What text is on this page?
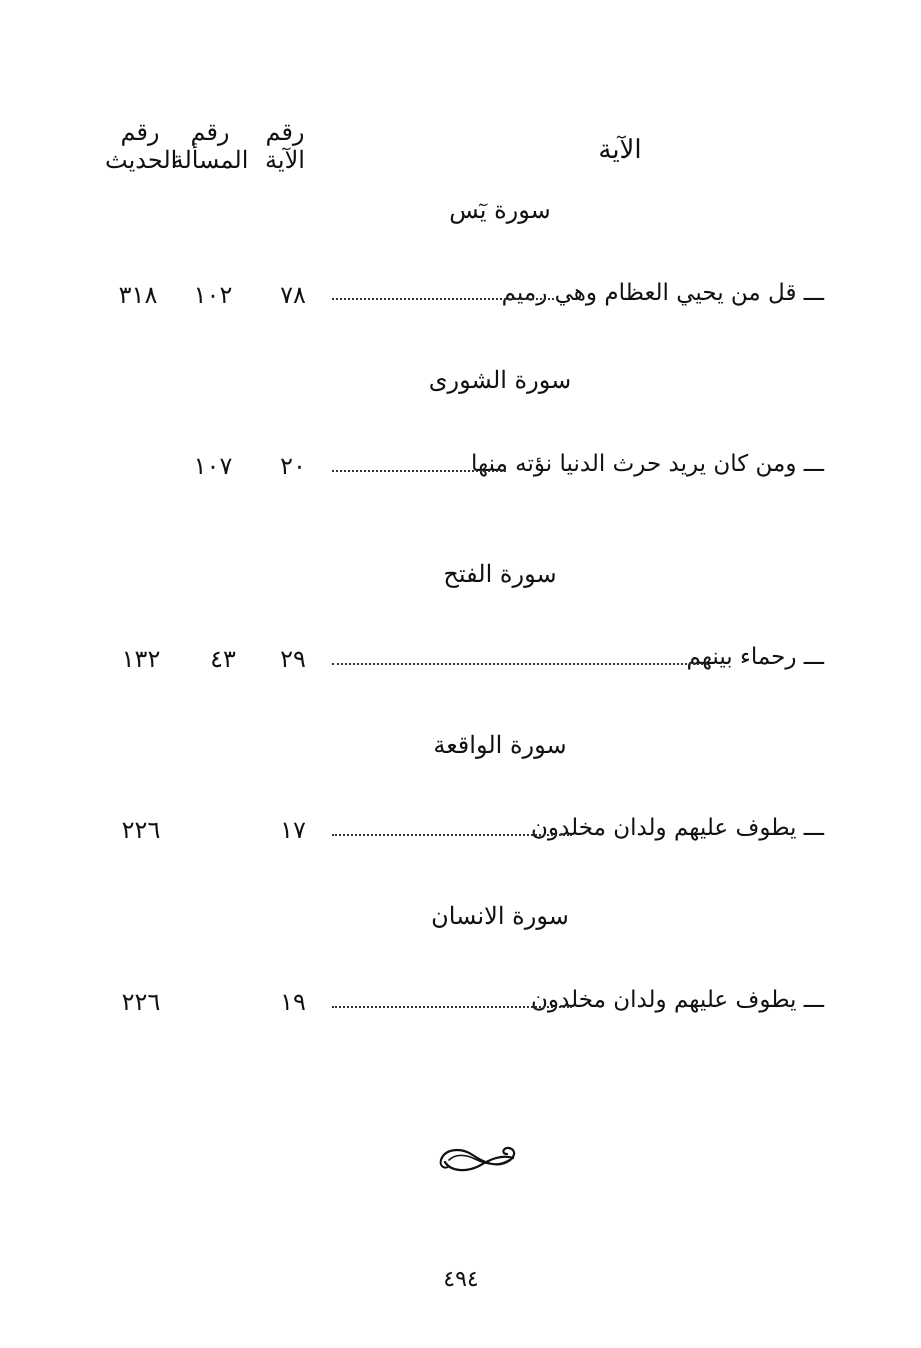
الآية
رقم
الآية
رقم
المسألة
رقم
الحديث
سورة يٓس
ـــ قل من يحيي العظام وهي رميم
٧٨
١٠٢
٣١٨
سورة الشورى
ـــ ومن كان يريد حرث الدنيا نؤته منها
٢٠
١٠٧
سورة الفتح
ـــ رحماء بينهم
٢٩
٤٣
١٣٢
سورة الواقعة
ـــ يطوف عليهم ولدان مخلدون
١٧
٢٢٦
سورة الانسان
ـــ يطوف عليهم ولدان مخلدون
١٩
٢٢٦
٤٩٤
